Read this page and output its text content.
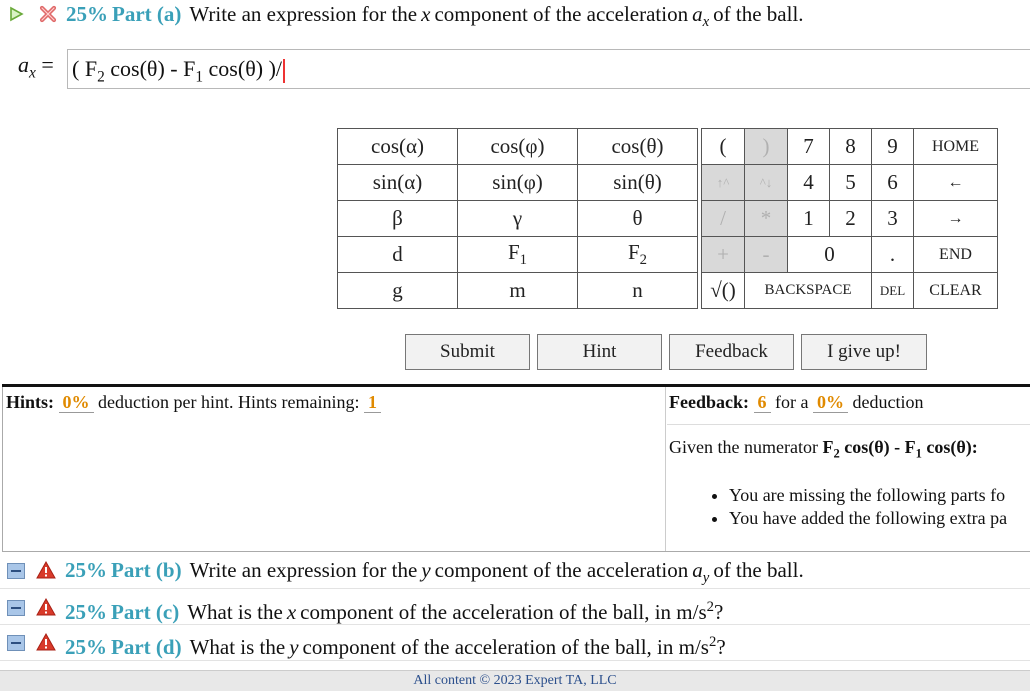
25% Part (a) Write an expression for the x component of the acceleration $a_x$ of the ball.
$a_x$ = ( $F_2$ $\cos(\theta) - F_1$ cos(θ) )/
cos(α)	cos(φ)	cos(θ)		(	)	7	8	9	HOME
sin(α)	sin(φ)	sin(θ)		↑^	^↓	4	5	6	←
β	γ	θ		/	*	1	2	3	→
d	$F_1$	$F_2$		+	-	0		.	END
g	m	n		√()	BACKSPACE			DEL	CLEAR
Submit	Hint	Feedback	I give up!
Hints: 0% deduction per hint. Hints remaining: 1	Feedback: 6 for a 0% deduction
Given the numerator $F_2$ $\cos(\theta) - F_1$ cos(θ):
• You are missing the following parts fo
• You have added the following extra pa
25% Part (b) Write an expression for the y component of the acceleration $a_y$ of the ball.
25% Part (c) What is the x component of the acceleration of the ball, in $m/s^2$?
25% Part (d) What is the y component of the acceleration of the ball, in $m/s^2$?
All content © 2023 Expert TA, LLC
